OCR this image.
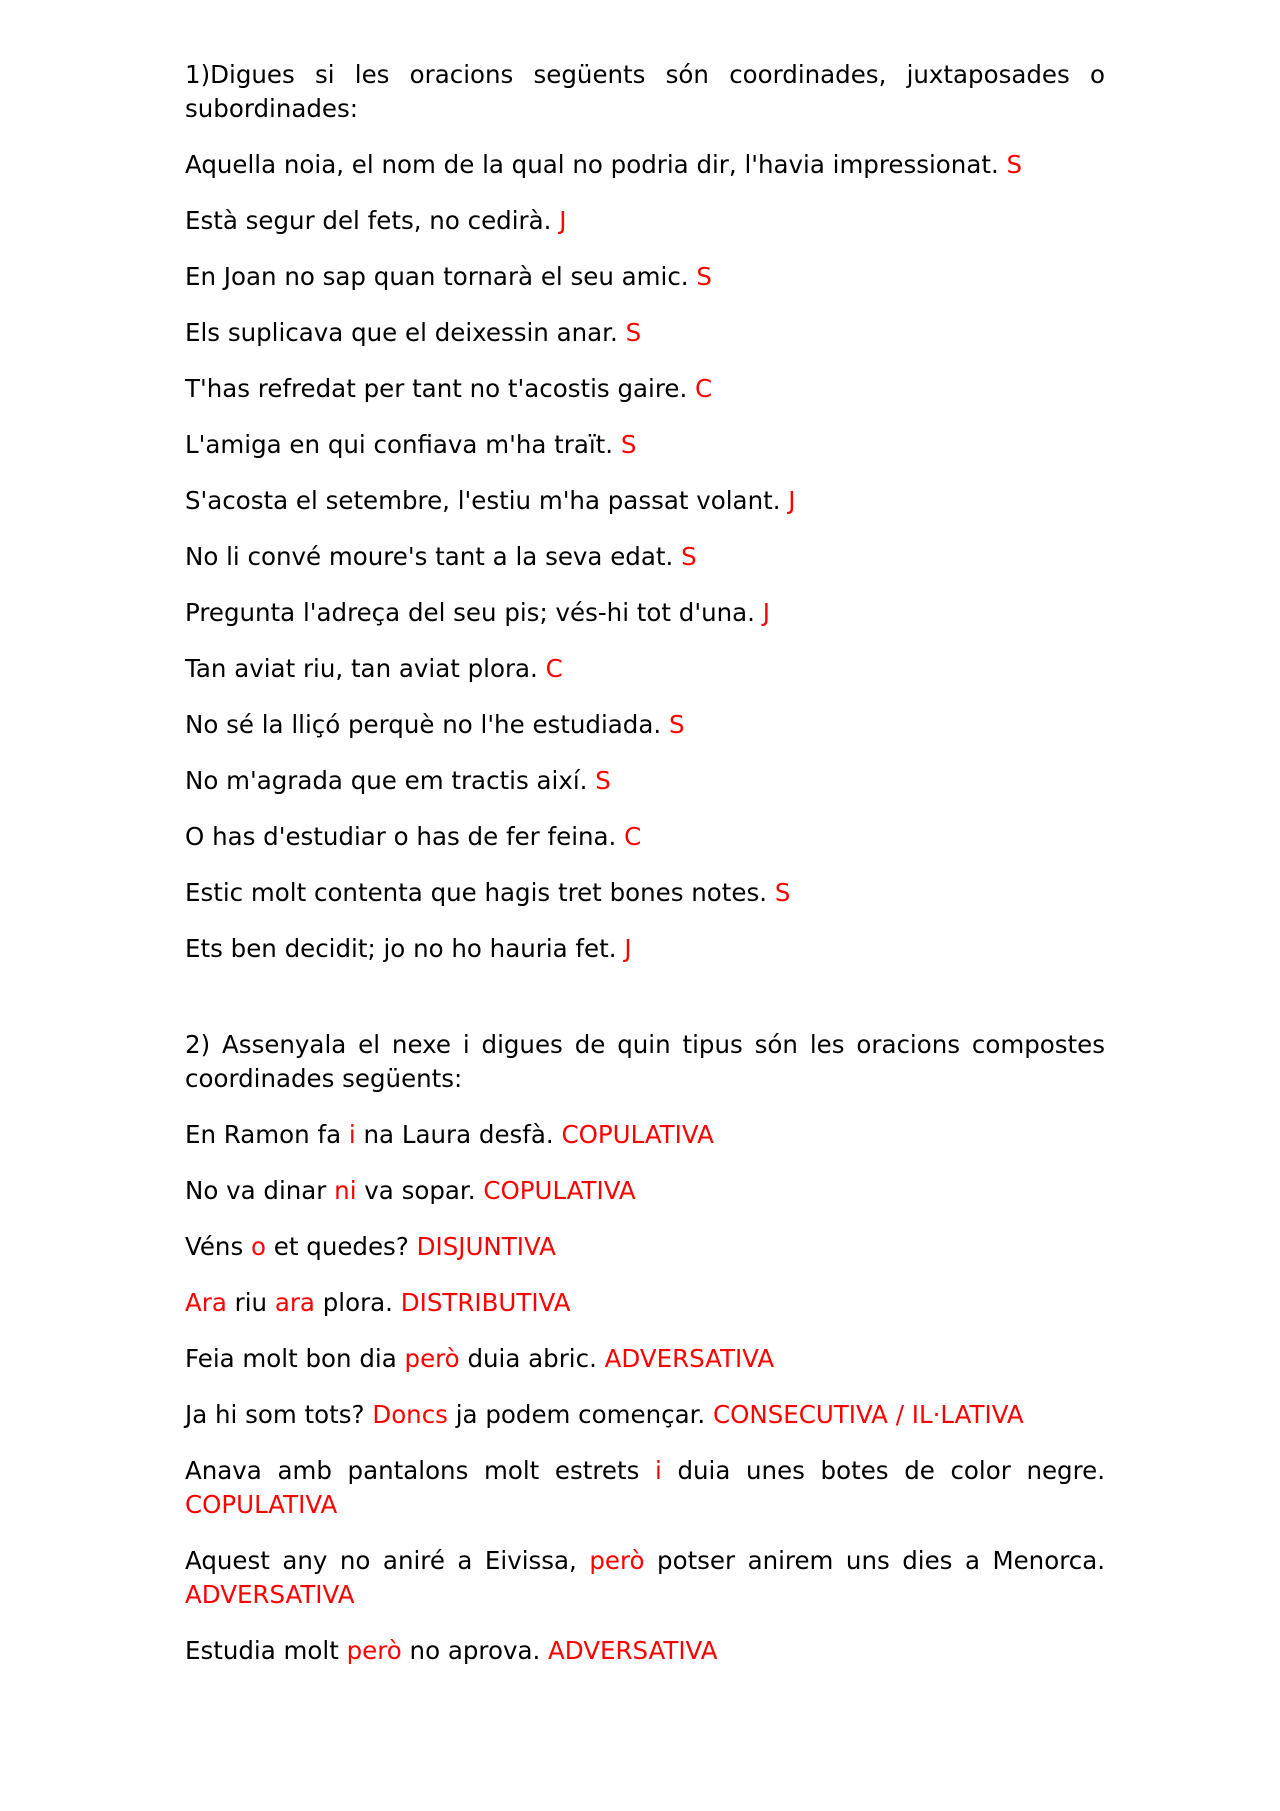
1)Digues si les oracions següents són coordinades, juxtaposades o subordinades:

Aquella noia, el nom de la qual no podria dir, l'havia impressionat. S

Està segur del fets, no cedirà. J

En Joan no sap quan tornarà el seu amic. S

Els suplicava que el deixessin anar. S

T'has refredat per tant no t'acostis gaire. C

L'amiga en qui confiava m'ha traït. S

S'acosta el setembre, l'estiu m'ha passat volant. J

No li convé moure's tant a la seva edat. S

Pregunta l'adreça del seu pis; vés-hi tot d'una. J

Tan aviat riu, tan aviat plora. C

No sé la lliçó perquè no l'he estudiada. S

No m'agrada que em tractis així. S

O has d'estudiar o has de fer feina. C

Estic molt contenta que hagis tret bones notes. S

Ets ben decidit; jo no ho hauria fet. J

2) Assenyala el nexe i digues de quin tipus són les oracions compostes coordinades següents:

En Ramon fa i na Laura desfà. COPULATIVA

No va dinar ni va sopar. COPULATIVA

Véns o et quedes? DISJUNTIVA

Ara riu ara plora. DISTRIBUTIVA

Feia molt bon dia però duia abric. ADVERSATIVA

Ja hi som tots? Doncs ja podem començar. CONSECUTIVA / IL·LATIVA

Anava amb pantalons molt estrets i duia unes botes de color negre. COPULATIVA

Aquest any no aniré a Eivissa, però potser anirem uns dies a Menorca. ADVERSATIVA

Estudia molt però no aprova. ADVERSATIVA
